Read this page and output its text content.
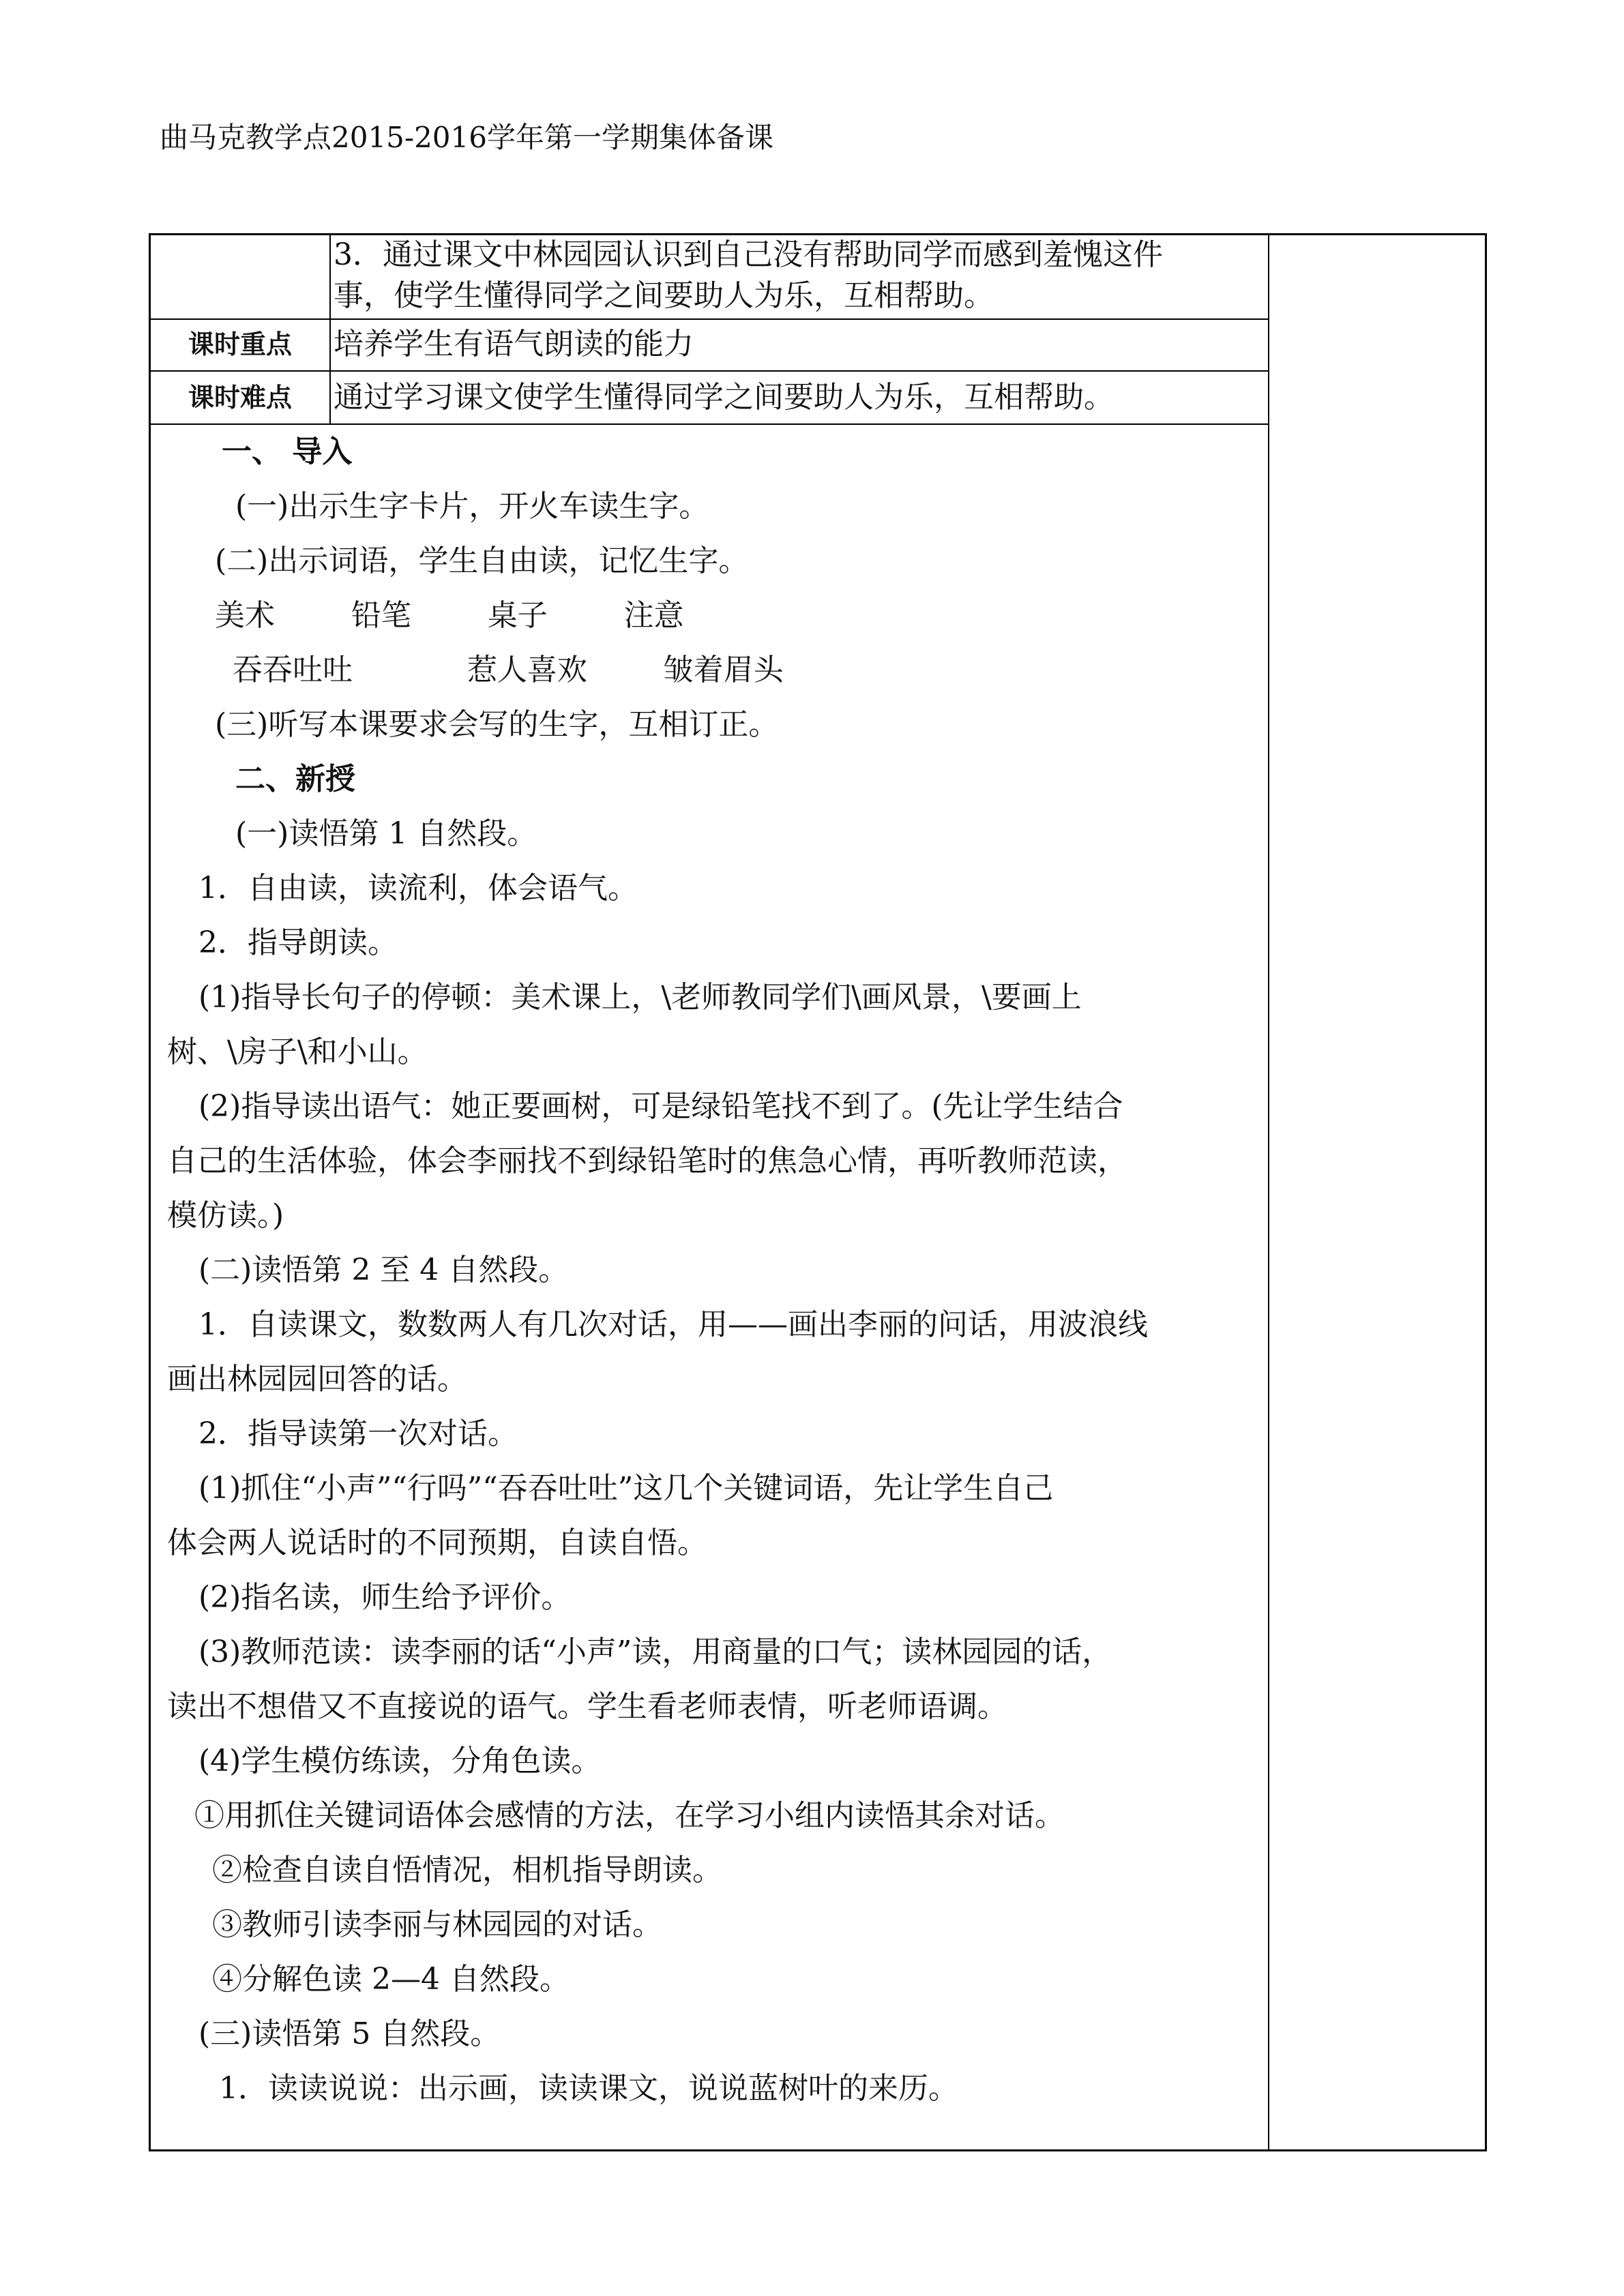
曲马克教学点2015-2016学年第一学期集体备课
3．通过课文中林园园认识到自己没有帮助同学而感到羞愧这件
事，使学生懂得同学之间要助人为乐，互相帮助。
课时重点	培养学生有语气朗读的能力
课时难点	通过学习课文使学生懂得同学之间要助人为乐，互相帮助。
一、 导入
(一)出示生字卡片，开火车读生字。
(二)出示词语，学生自由读，记忆生字。
美术        铅笔        桌子        注意
吞吞吐吐            惹人喜欢        皱着眉头
(三)听写本课要求会写的生字，互相订正。
二、新授
(一)读悟第 1 自然段。
1．自由读，读流利，体会语气。
2．指导朗读。
(1)指导长句子的停顿：美术课上，\老师教同学们\画风景，\要画上
树、\房子\和小山。
(2)指导读出语气：她正要画树，可是绿铅笔找不到了。(先让学生结合
自己的生活体验，体会李丽找不到绿铅笔时的焦急心情，再听教师范读，
模仿读。)
(二)读悟第 2 至 4 自然段。
1．自读课文，数数两人有几次对话，用——画出李丽的问话，用波浪线
画出林园园回答的话。
2．指导读第一次对话。
(1)抓住“小声”“行吗”“吞吞吐吐”这几个关键词语，先让学生自己
体会两人说话时的不同预期，自读自悟。
(2)指名读，师生给予评价。
(3)教师范读：读李丽的话“小声”读，用商量的口气；读林园园的话，
读出不想借又不直接说的语气。学生看老师表情，听老师语调。
(4)学生模仿练读，分角色读。
①用抓住关键词语体会感情的方法，在学习小组内读悟其余对话。
②检查自读自悟情况，相机指导朗读。
③教师引读李丽与林园园的对话。
④分解色读 2—4 自然段。
(三)读悟第 5 自然段。
1．读读说说：出示画，读读课文，说说蓝树叶的来历。
